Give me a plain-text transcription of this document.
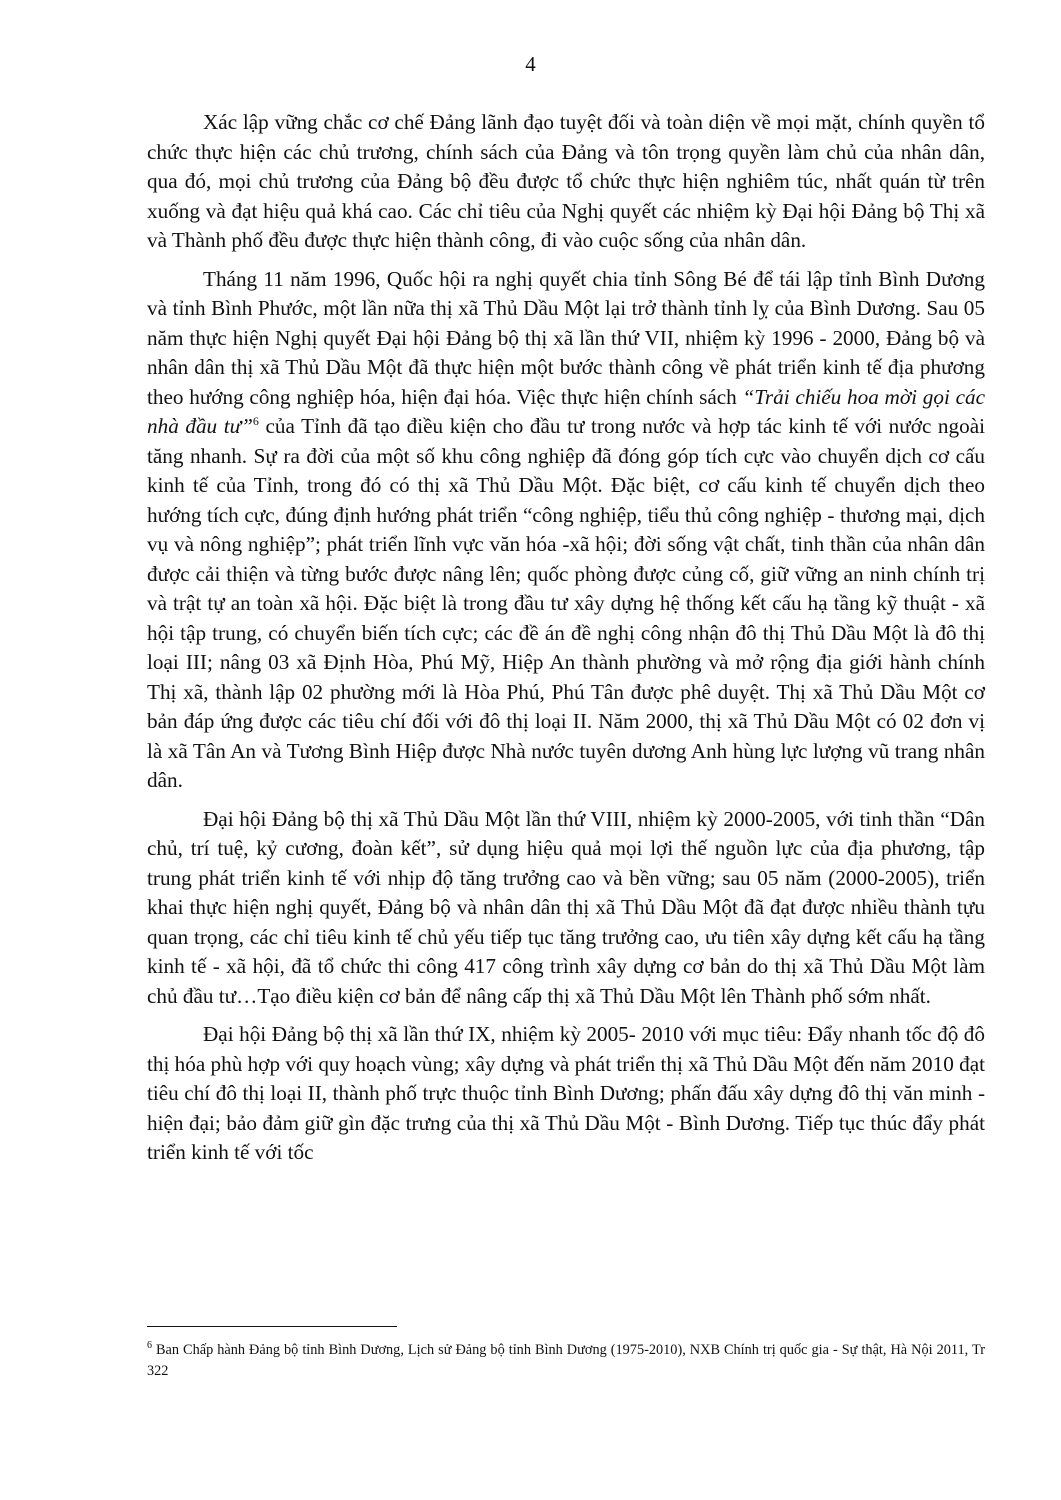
4

Xác lập vững chắc cơ chế Đảng lãnh đạo tuyệt đối và toàn diện về mọi mặt, chính quyền tổ chức thực hiện các chủ trương, chính sách của Đảng và tôn trọng quyền làm chủ của nhân dân, qua đó, mọi chủ trương của Đảng bộ đều được tổ chức thực hiện nghiêm túc, nhất quán từ trên xuống và đạt hiệu quả khá cao. Các chỉ tiêu của Nghị quyết các nhiệm kỳ Đại hội Đảng bộ Thị xã và Thành phố đều được thực hiện thành công, đi vào cuộc sống của nhân dân.

Tháng 11 năm 1996, Quốc hội ra nghị quyết chia tỉnh Sông Bé để tái lập tỉnh Bình Dương và tỉnh Bình Phước, một lần nữa thị xã Thủ Dầu Một lại trở thành tỉnh lỵ của Bình Dương. Sau 05 năm thực hiện Nghị quyết Đại hội Đảng bộ thị xã lần thứ VII, nhiệm kỳ 1996 - 2000, Đảng bộ và nhân dân thị xã Thủ Dầu Một đã thực hiện một bước thành công về phát triển kinh tế địa phương theo hướng công nghiệp hóa, hiện đại hóa. Việc thực hiện chính sách “Trải chiếu hoa mời gọi các nhà đầu tư”$^6$ của Tỉnh đã tạo điều kiện cho đầu tư trong nước và hợp tác kinh tế với nước ngoài tăng nhanh. Sự ra đời của một số khu công nghiệp đã đóng góp tích cực vào chuyển dịch cơ cấu kinh tế của Tỉnh, trong đó có thị xã Thủ Dầu Một. Đặc biệt, cơ cấu kinh tế chuyển dịch theo hướng tích cực, đúng định hướng phát triển “công nghiệp, tiểu thủ công nghiệp - thương mại, dịch vụ và nông nghiệp”; phát triển lĩnh vực văn hóa -xã hội; đời sống vật chất, tinh thần của nhân dân được cải thiện và từng bước được nâng lên; quốc phòng được củng cố, giữ vững an ninh chính trị và trật tự an toàn xã hội. Đặc biệt là trong đầu tư xây dựng hệ thống kết cấu hạ tầng kỹ thuật - xã hội tập trung, có chuyển biến tích cực; các đề án đề nghị công nhận đô thị Thủ Dầu Một là đô thị loại III; nâng 03 xã Định Hòa, Phú Mỹ, Hiệp An thành phường và mở rộng địa giới hành chính Thị xã, thành lập 02 phường mới là Hòa Phú, Phú Tân được phê duyệt. Thị xã Thủ Dầu Một cơ bản đáp ứng được các tiêu chí đối với đô thị loại II. Năm 2000, thị xã Thủ Dầu Một có 02 đơn vị là xã Tân An và Tương Bình Hiệp được Nhà nước tuyên dương Anh hùng lực lượng vũ trang nhân dân.

Đại hội Đảng bộ thị xã Thủ Dầu Một lần thứ VIII, nhiệm kỳ 2000-2005, với tinh thần “Dân chủ, trí tuệ, kỷ cương, đoàn kết”, sử dụng hiệu quả mọi lợi thế nguồn lực của địa phương, tập trung phát triển kinh tế với nhịp độ tăng trưởng cao và bền vững; sau 05 năm (2000-2005), triển khai thực hiện nghị quyết, Đảng bộ và nhân dân thị xã Thủ Dầu Một đã đạt được nhiều thành tựu quan trọng, các chỉ tiêu kinh tế chủ yếu tiếp tục tăng trưởng cao, ưu tiên xây dựng kết cấu hạ tầng kinh tế - xã hội, đã tổ chức thi công 417 công trình xây dựng cơ bản do thị xã Thủ Dầu Một làm chủ đầu tư…Tạo điều kiện cơ bản để nâng cấp thị xã Thủ Dầu Một lên Thành phố sớm nhất.

Đại hội Đảng bộ thị xã lần thứ IX, nhiệm kỳ 2005- 2010 với mục tiêu: Đẩy nhanh tốc độ đô thị hóa phù hợp với quy hoạch vùng; xây dựng và phát triển thị xã Thủ Dầu Một đến năm 2010 đạt tiêu chí đô thị loại II, thành phố trực thuộc tỉnh Bình Dương; phấn đấu xây dựng đô thị văn minh - hiện đại; bảo đảm giữ gìn đặc trưng của thị xã Thủ Dầu Một - Bình Dương. Tiếp tục thúc đẩy phát triển kinh tế với tốc

$^6$ Ban Chấp hành Đảng bộ tỉnh Bình Dương, Lịch sử Đảng bộ tỉnh Bình Dương (1975-2010), NXB Chính trị quốc gia - Sự thật, Hà Nội 2011, Tr 322
